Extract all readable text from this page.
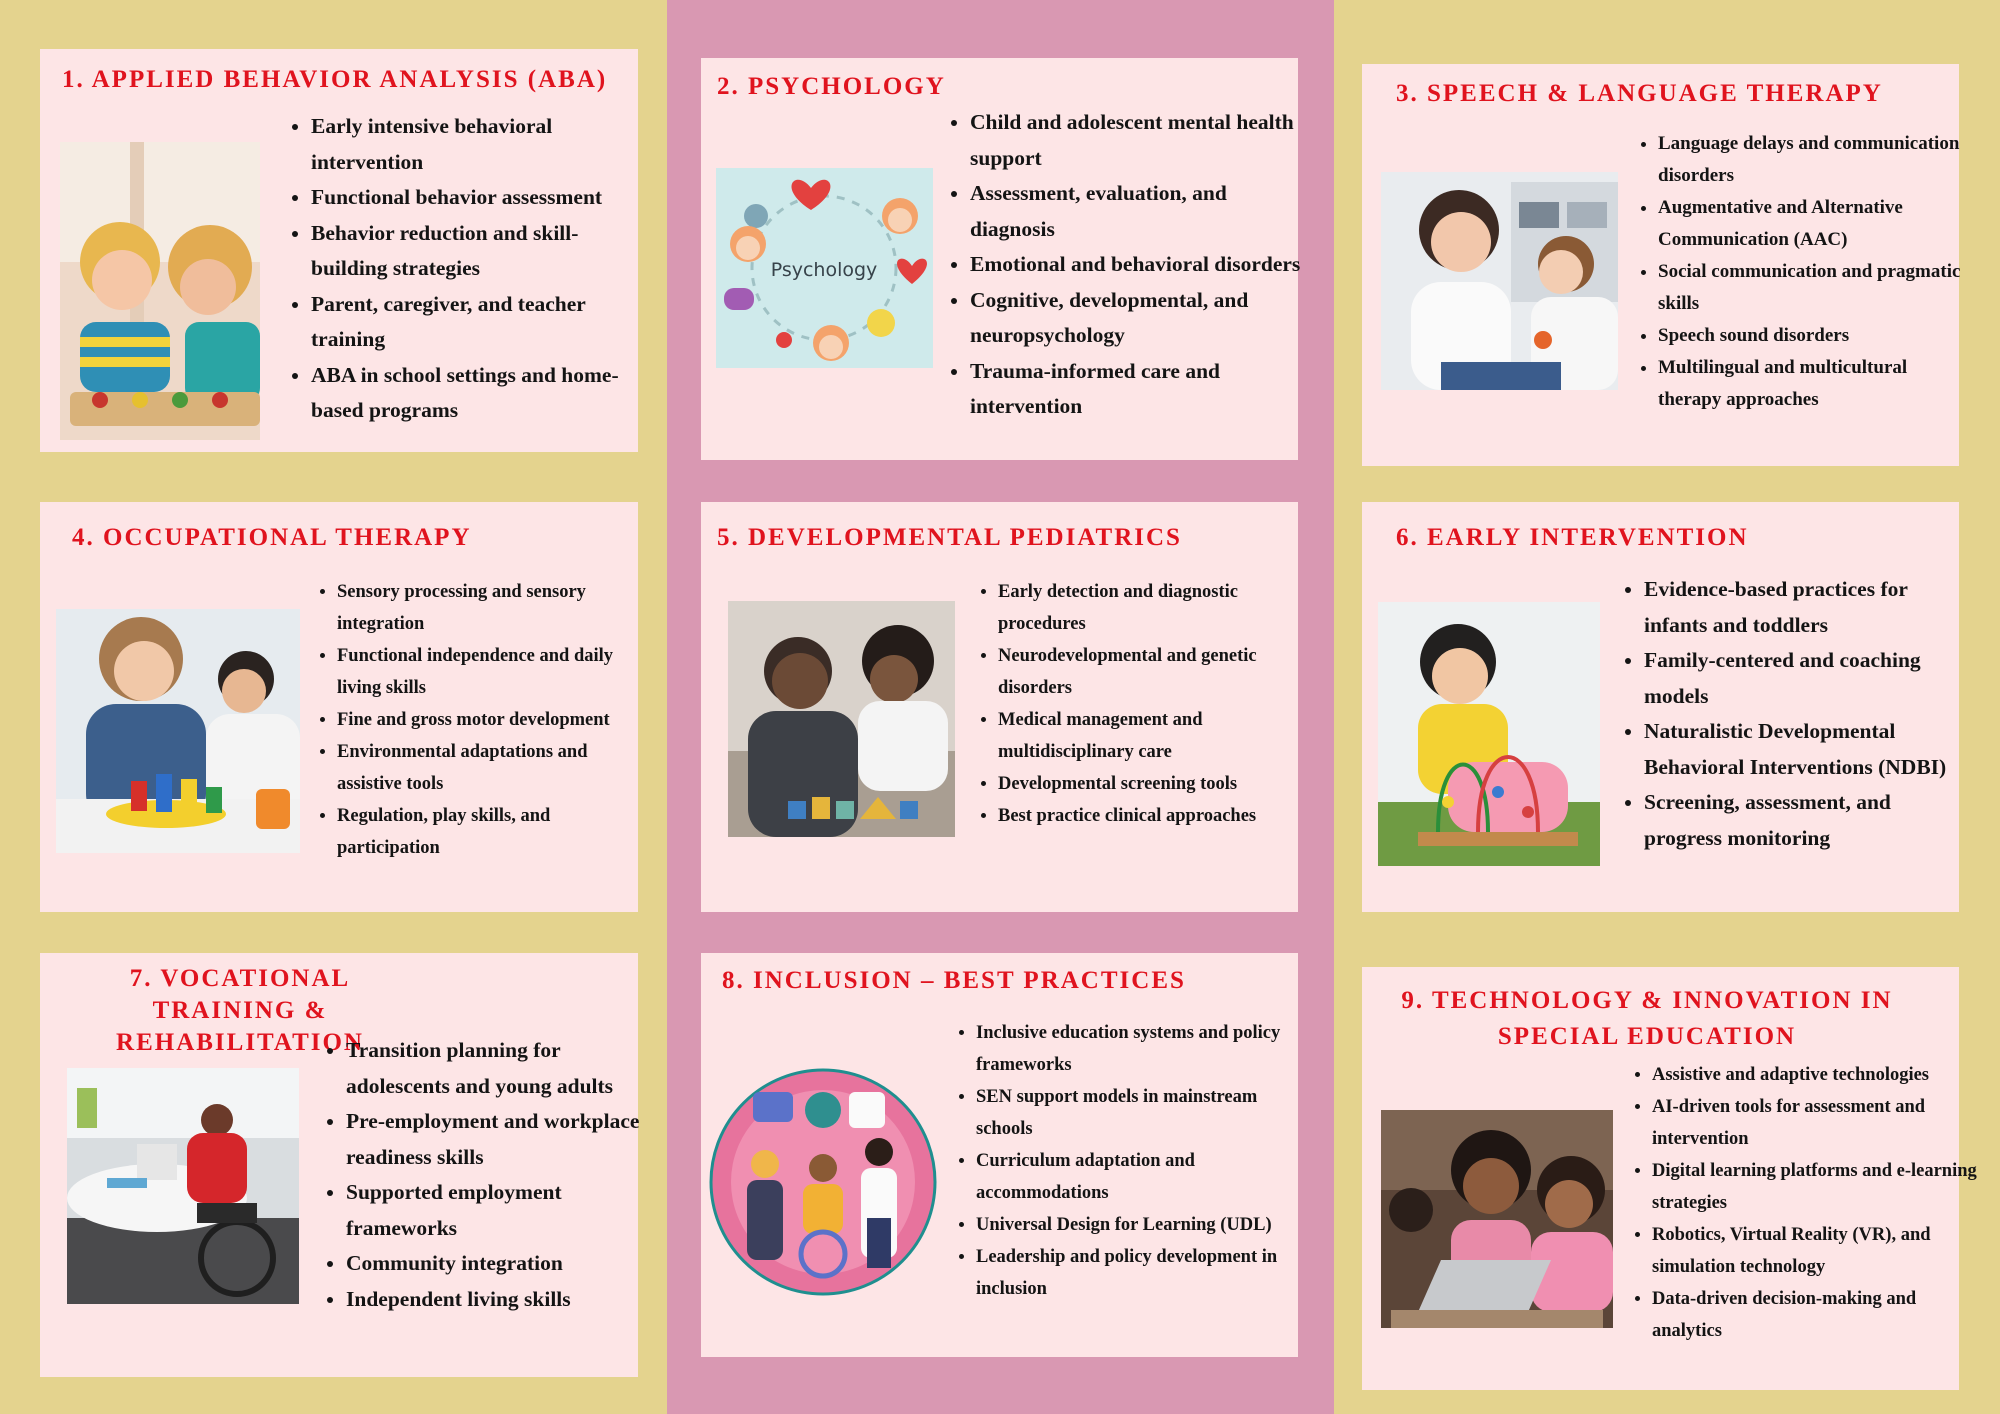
1. APPLIED BEHAVIOR ANALYSIS (ABA)
• Early intensive behavioral intervention
• Functional behavior assessment
• Behavior reduction and skill-building strategies
• Parent, caregiver, and teacher training
• ABA in school settings and home-based programs
2. PSYCHOLOGY
Psychology
• Child and adolescent mental health support
• Assessment, evaluation, and diagnosis
• Emotional and behavioral disorders
• Cognitive, developmental, and neuropsychology
• Trauma-informed care and intervention
3. SPEECH & LANGUAGE THERAPY
• Language delays and communication disorders
• Augmentative and Alternative Communication (AAC)
• Social communication and pragmatic skills
• Speech sound disorders
• Multilingual and multicultural therapy approaches
4. OCCUPATIONAL THERAPY
• Sensory processing and sensory integration
• Functional independence and daily living skills
• Fine and gross motor development
• Environmental adaptations and assistive tools
• Regulation, play skills, and participation
5. DEVELOPMENTAL PEDIATRICS
• Early detection and diagnostic procedures
• Neurodevelopmental and genetic disorders
• Medical management and multidisciplinary care
• Developmental screening tools
• Best practice clinical approaches
6. EARLY INTERVENTION
• Evidence-based practices for infants and toddlers
• Family-centered and coaching models
• Naturalistic Developmental Behavioral Interventions (NDBI)
• Screening, assessment, and progress monitoring
7. VOCATIONAL TRAINING & REHABILITATION
• Transition planning for adolescents and young adults
• Pre-employment and workplace readiness skills
• Supported employment frameworks
• Community integration
• Independent living skills
8. INCLUSION – BEST PRACTICES
• Inclusive education systems and policy frameworks
• SEN support models in mainstream schools
• Curriculum adaptation and accommodations
• Universal Design for Learning (UDL)
• Leadership and policy development in inclusion
9. TECHNOLOGY & INNOVATION IN SPECIAL EDUCATION
• Assistive and adaptive technologies
• AI-driven tools for assessment and intervention
• Digital learning platforms and e-learning strategies
• Robotics, Virtual Reality (VR), and simulation technology
• Data-driven decision-making and analytics
